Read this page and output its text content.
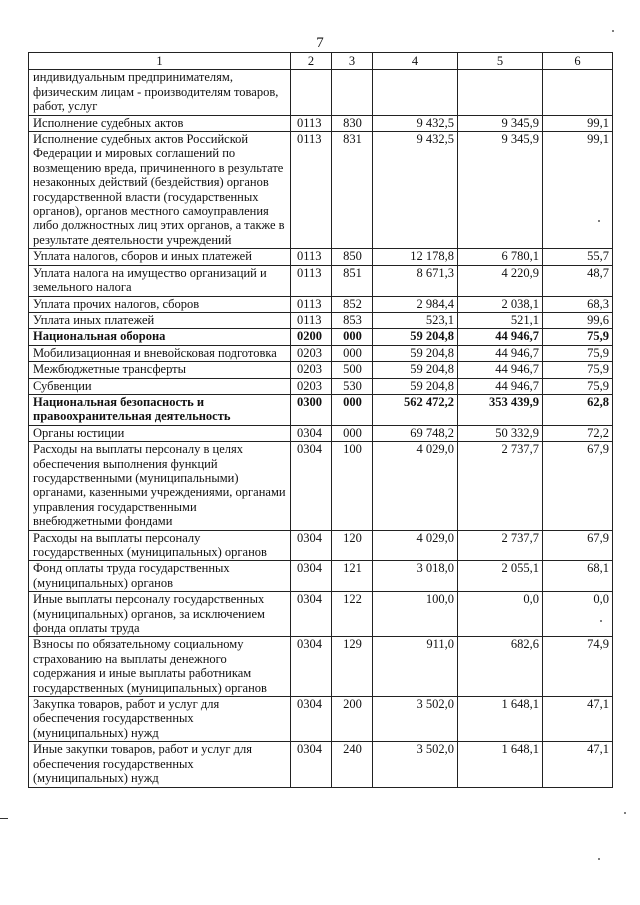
7
1	2	3	4	5	6
индивидуальным предпринимателям, физическим лицам - производителям товаров, работ, услуг					
Исполнение судебных актов	0113	830	9 432,5	9 345,9	99,1
Исполнение судебных актов Российской Федерации и мировых соглашений по возмещению вреда, причиненного в результате незаконных действий (бездействия) органов государственной власти (государственных органов), органов местного самоуправления либо должностных лиц этих органов, а также в результате деятельности учреждений	0113	831	9 432,5	9 345,9	99,1
Уплата налогов, сборов и иных платежей	0113	850	12 178,8	6 780,1	55,7
Уплата налога на имущество организаций и земельного налога	0113	851	8 671,3	4 220,9	48,7
Уплата прочих налогов, сборов	0113	852	2 984,4	2 038,1	68,3
Уплата иных платежей	0113	853	523,1	521,1	99,6
Национальная оборона	0200	000	59 204,8	44 946,7	75,9
Мобилизационная и вневойсковая подготовка	0203	000	59 204,8	44 946,7	75,9
Межбюджетные трансферты	0203	500	59 204,8	44 946,7	75,9
Субвенции	0203	530	59 204,8	44 946,7	75,9
Национальная безопасность и правоохранительная деятельность	0300	000	562 472,2	353 439,9	62,8
Органы юстиции	0304	000	69 748,2	50 332,9	72,2
Расходы на выплаты персоналу в целях обеспечения выполнения функций государственными (муниципальными) органами, казенными учреждениями, органами управления государственными внебюджетными фондами	0304	100	4 029,0	2 737,7	67,9
Расходы на выплаты персоналу государственных (муниципальных) органов	0304	120	4 029,0	2 737,7	67,9
Фонд оплаты труда государственных (муниципальных) органов	0304	121	3 018,0	2 055,1	68,1
Иные выплаты персоналу государственных (муниципальных) органов, за исключением фонда оплаты труда	0304	122	100,0	0,0	0,0
Взносы по обязательному социальному страхованию на выплаты денежного содержания и иные выплаты работникам государственных (муниципальных) органов	0304	129	911,0	682,6	74,9
Закупка товаров, работ и услуг для обеспечения государственных (муниципальных) нужд	0304	200	3 502,0	1 648,1	47,1
Иные закупки товаров, работ и услуг для обеспечения государственных (муниципальных) нужд	0304	240	3 502,0	1 648,1	47,1
